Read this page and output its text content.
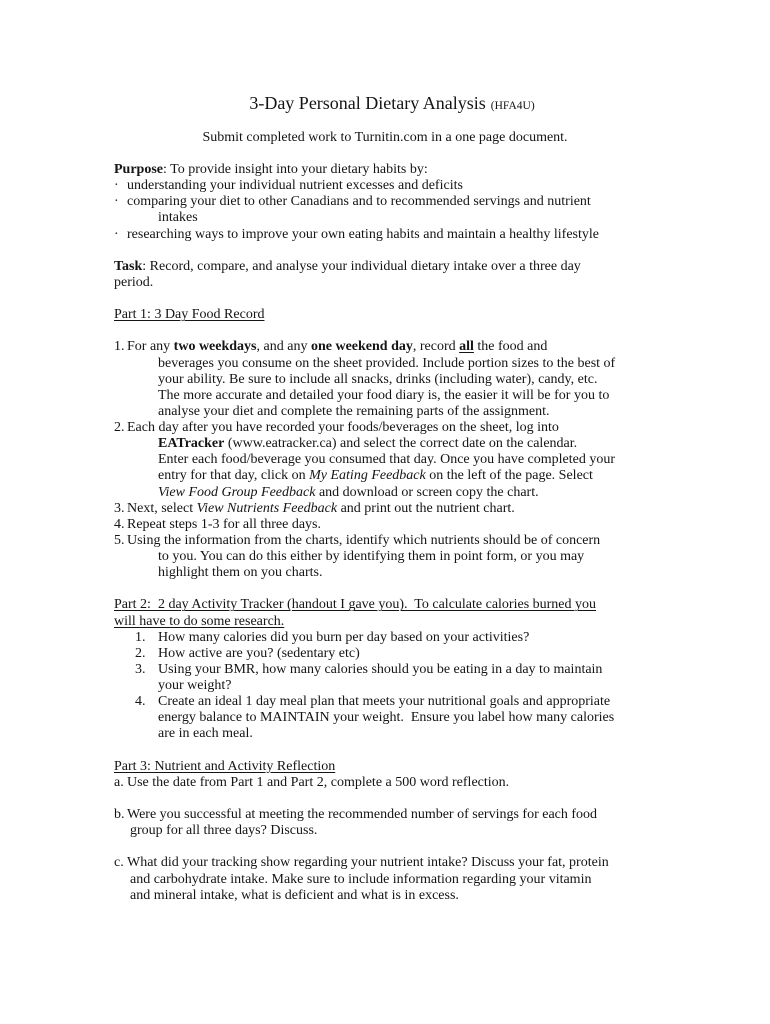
3-Day Personal Dietary Analysis (HFA4U)
Submit completed work to Turnitin.com in a one page document.
Purpose: To provide insight into your dietary habits by:
· understanding your individual nutrient excesses and deficits
· comparing your diet to other Canadians and to recommended servings and nutrient
intakes
· researching ways to improve your own eating habits and maintain a healthy lifestyle
Task: Record, compare, and analyse your individual dietary intake over a three day
period.
Part 1: 3 Day Food Record
1. For any two weekdays, and any one weekend day, record all the food and
beverages you consume on the sheet provided. Include portion sizes to the best of
your ability. Be sure to include all snacks, drinks (including water), candy, etc.
The more accurate and detailed your food diary is, the easier it will be for you to
analyse your diet and complete the remaining parts of the assignment.
2. Each day after you have recorded your foods/beverages on the sheet, log into
EATracker (www.eatracker.ca) and select the correct date on the calendar.
Enter each food/beverage you consumed that day. Once you have completed your
entry for that day, click on My Eating Feedback on the left of the page. Select
View Food Group Feedback and download or screen copy the chart.
3. Next, select View Nutrients Feedback and print out the nutrient chart.
4. Repeat steps 1-3 for all three days.
5. Using the information from the charts, identify which nutrients should be of concern
to you. You can do this either by identifying them in point form, or you may
highlight them on you charts.
Part 2:  2 day Activity Tracker (handout I gave you).  To calculate calories burned you
will have to do some research.
1. How many calories did you burn per day based on your activities?
2. How active are you? (sedentary etc)
3. Using your BMR, how many calories should you be eating in a day to maintain
your weight?
4. Create an ideal 1 day meal plan that meets your nutritional goals and appropriate
energy balance to MAINTAIN your weight.  Ensure you label how many calories
are in each meal.
Part 3: Nutrient and Activity Reflection
a. Use the date from Part 1 and Part 2, complete a 500 word reflection.
b. Were you successful at meeting the recommended number of servings for each food
group for all three days? Discuss.
c. What did your tracking show regarding your nutrient intake? Discuss your fat, protein
and carbohydrate intake. Make sure to include information regarding your vitamin
and mineral intake, what is deficient and what is in excess.
